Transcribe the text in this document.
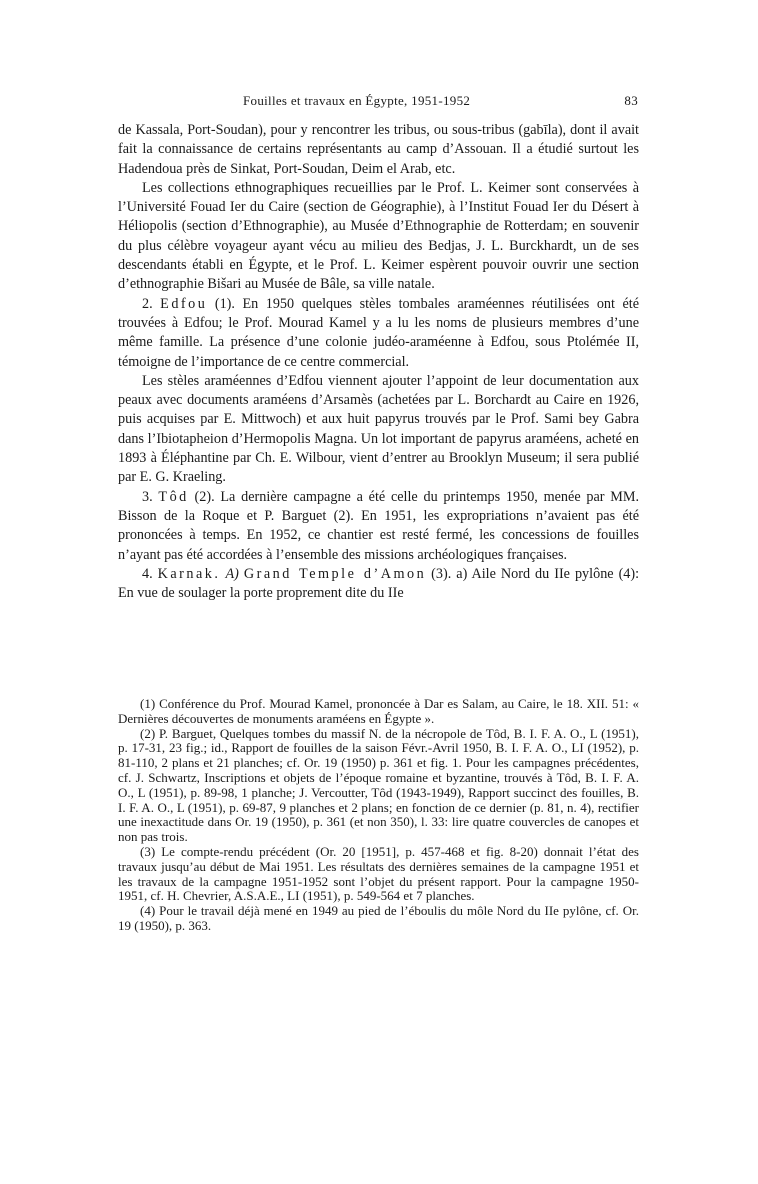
Fouilles et travaux en Égypte, 1951-1952	83

de Kassala, Port-Soudan), pour y rencontrer les tribus, ou sous-tribus (gabīla), dont il avait fait la connaissance de certains représentants au camp d’Assouan. Il a étudié surtout les Hadendoua près de Sinkat, Port-Soudan, Deim el Arab, etc.

Les collections ethnographiques recueillies par le Prof. L. Keimer sont conservées à l’Université Fouad Ier du Caire (section de Géographie), à l’Institut Fouad Ier du Désert à Héliopolis (section d’Ethnographie), au Musée d’Ethnographie de Rotterdam; en souvenir du plus célèbre voyageur ayant vécu au milieu des Bedjas, J. L. Burckhardt, un de ses descendants établi en Égypte, et le Prof. L. Keimer espèrent pouvoir ouvrir une section d’ethnographie Bišari au Musée de Bâle, sa ville natale.

2. Edfou (1). En 1950 quelques stèles tombales araméennes réutilisées ont été trouvées à Edfou; le Prof. Mourad Kamel y a lu les noms de plusieurs membres d’une même famille. La présence d’une colonie judéo-araméenne à Edfou, sous Ptolémée II, témoigne de l’importance de ce centre commercial.

Les stèles araméennes d’Edfou viennent ajouter l’appoint de leur documentation aux peaux avec documents araméens d’Arsamès (achetées par L. Borchardt au Caire en 1926, puis acquises par E. Mittwoch) et aux huit papyrus trouvés par le Prof. Sami bey Gabra dans l’Ibiotapheion d’Hermopolis Magna. Un lot important de papyrus araméens, acheté en 1893 à Éléphantine par Ch. E. Wilbour, vient d’entrer au Brooklyn Museum; il sera publié par E. G. Kraeling.

3. Tôd (2). La dernière campagne a été celle du printemps 1950, menée par MM. Bisson de la Roque et P. Barguet (2). En 1951, les expropriations n’avaient pas été prononcées à temps. En 1952, ce chantier est resté fermé, les concessions de fouilles n’ayant pas été accordées à l’ensemble des missions archéologiques françaises.

4. Karnak. A) Grand Temple d’Amon (3). a) Aile Nord du IIe pylône (4): En vue de soulager la porte proprement dite du IIe

(1) Conférence du Prof. Mourad Kamel, prononcée à Dar es Salam, au Caire, le 18. XII. 51: « Dernières découvertes de monuments araméens en Égypte ».

(2) P. Barguet, Quelques tombes du massif N. de la nécropole de Tôd, B. I. F. A. O., L (1951), p. 17-31, 23 fig.; id., Rapport de fouilles de la saison Févr.-Avril 1950, B. I. F. A. O., LI (1952), p. 81-110, 2 plans et 21 planches; cf. Or. 19 (1950) p. 361 et fig. 1. Pour les campagnes précédentes, cf. J. Schwartz, Inscriptions et objets de l’époque romaine et byzantine, trouvés à Tôd, B. I. F. A. O., L (1951), p. 89-98, 1 planche; J. Vercoutter, Tôd (1943-1949), Rapport succinct des fouilles, B. I. F. A. O., L (1951), p. 69-87, 9 planches et 2 plans; en fonction de ce dernier (p. 81, n. 4), rectifier une inexactitude dans Or. 19 (1950), p. 361 (et non 350), l. 33: lire quatre couvercles de canopes et non pas trois.

(3) Le compte-rendu précédent (Or. 20 [1951], p. 457-468 et fig. 8-20) donnait l’état des travaux jusqu’au début de Mai 1951. Les résultats des dernières semaines de la campagne 1951 et les travaux de la campagne 1951-1952 sont l’objet du présent rapport. Pour la campagne 1950-1951, cf. H. Chevrier, A.S.A.E., LI (1951), p. 549-564 et 7 planches.

(4) Pour le travail déjà mené en 1949 au pied de l’éboulis du môle Nord du IIe pylône, cf. Or. 19 (1950), p. 363.
